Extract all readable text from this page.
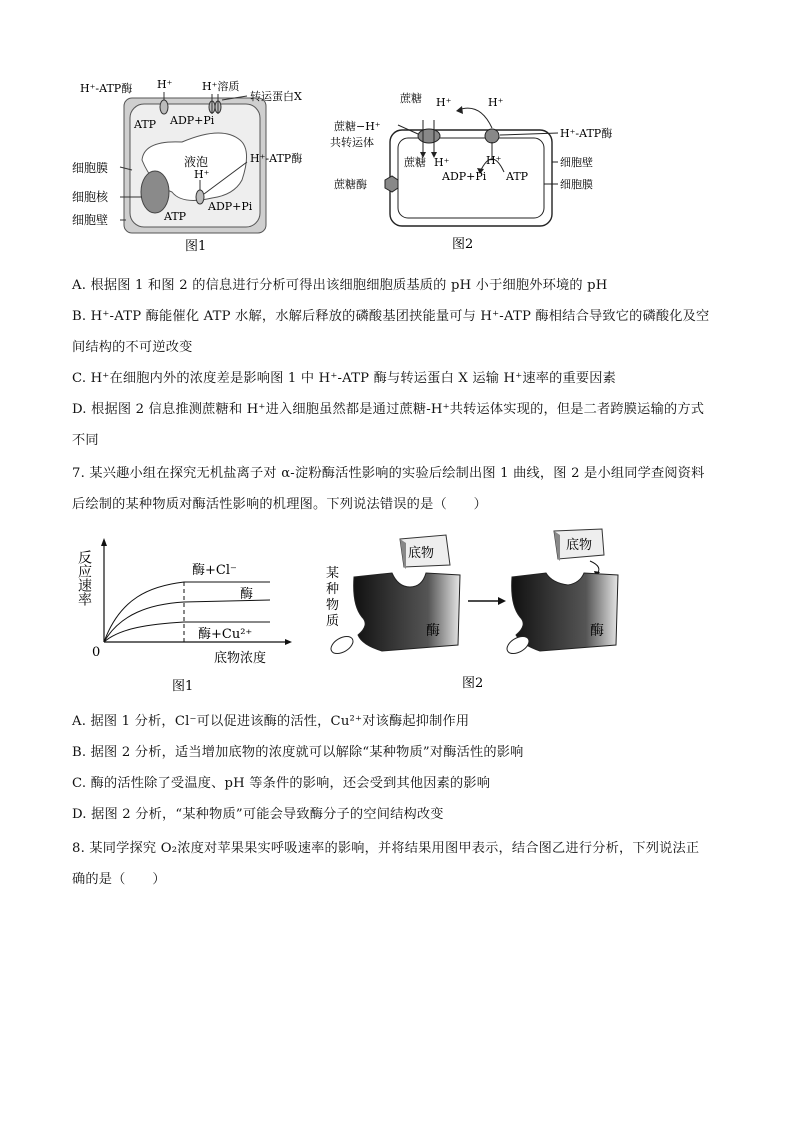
H⁺-ATP酶 H⁺	H⁺溶质
转运蛋白X
ATP ADP+Pi
液泡	H⁺-ATP酶
H⁺
ADP+Pi
ATP
细胞膜
细胞核
细胞壁
图1
蔗糖 H⁺	H⁺
蔗糖−H⁺
共转运体
H⁺-ATP酶
蔗糖 H⁺	H⁺
ADP+Pi ATP
细胞壁
蔗糖酶	细胞膜
图2
A. 根据图 1 和图 2 的信息进行分析可得出该细胞细胞质基质的 pH 小于细胞外环境的 pH
B. H⁺-ATP 酶能催化 ATP 水解，水解后释放的磷酸基团挟能量可与 H⁺-ATP 酶相结合导致它的磷酸化及空
间结构的不可逆改变
C. H⁺在细胞内外的浓度差是影响图 1 中 H⁺-ATP 酶与转运蛋白 X 运输 H⁺速率的重要因素
D. 根据图 2 信息推测蔗糖和 H⁺进入细胞虽然都是通过蔗糖-H⁺共转运体实现的，但是二者跨膜运输的方式
不同
7. 某兴趣小组在探究无机盐离子对 α-淀粉酶活性影响的实验后绘制出图 1 曲线，图 2 是小组同学查阅资料
后绘制的某种物质对酶活性影响的机理图。下列说法错误的是（　　）
反应速率	酶+Cl⁻
酶
酶+Cu²⁺
0	底物浓度
图1
底物
酶
某
种
物
质
底物
酶
图2
A. 据图 1 分析，Cl⁻可以促进该酶的活性，Cu²⁺对该酶起抑制作用
B. 据图 2 分析，适当增加底物的浓度就可以解除“某种物质”对酶活性的影响
C. 酶的活性除了受温度、pH 等条件的影响，还会受到其他因素的影响
D. 据图 2 分析，“某种物质”可能会导致酶分子的空间结构改变
8. 某同学探究 O₂浓度对苹果果实呼吸速率的影响，并将结果用图甲表示，结合图乙进行分析，下列说法正
确的是（　　）
